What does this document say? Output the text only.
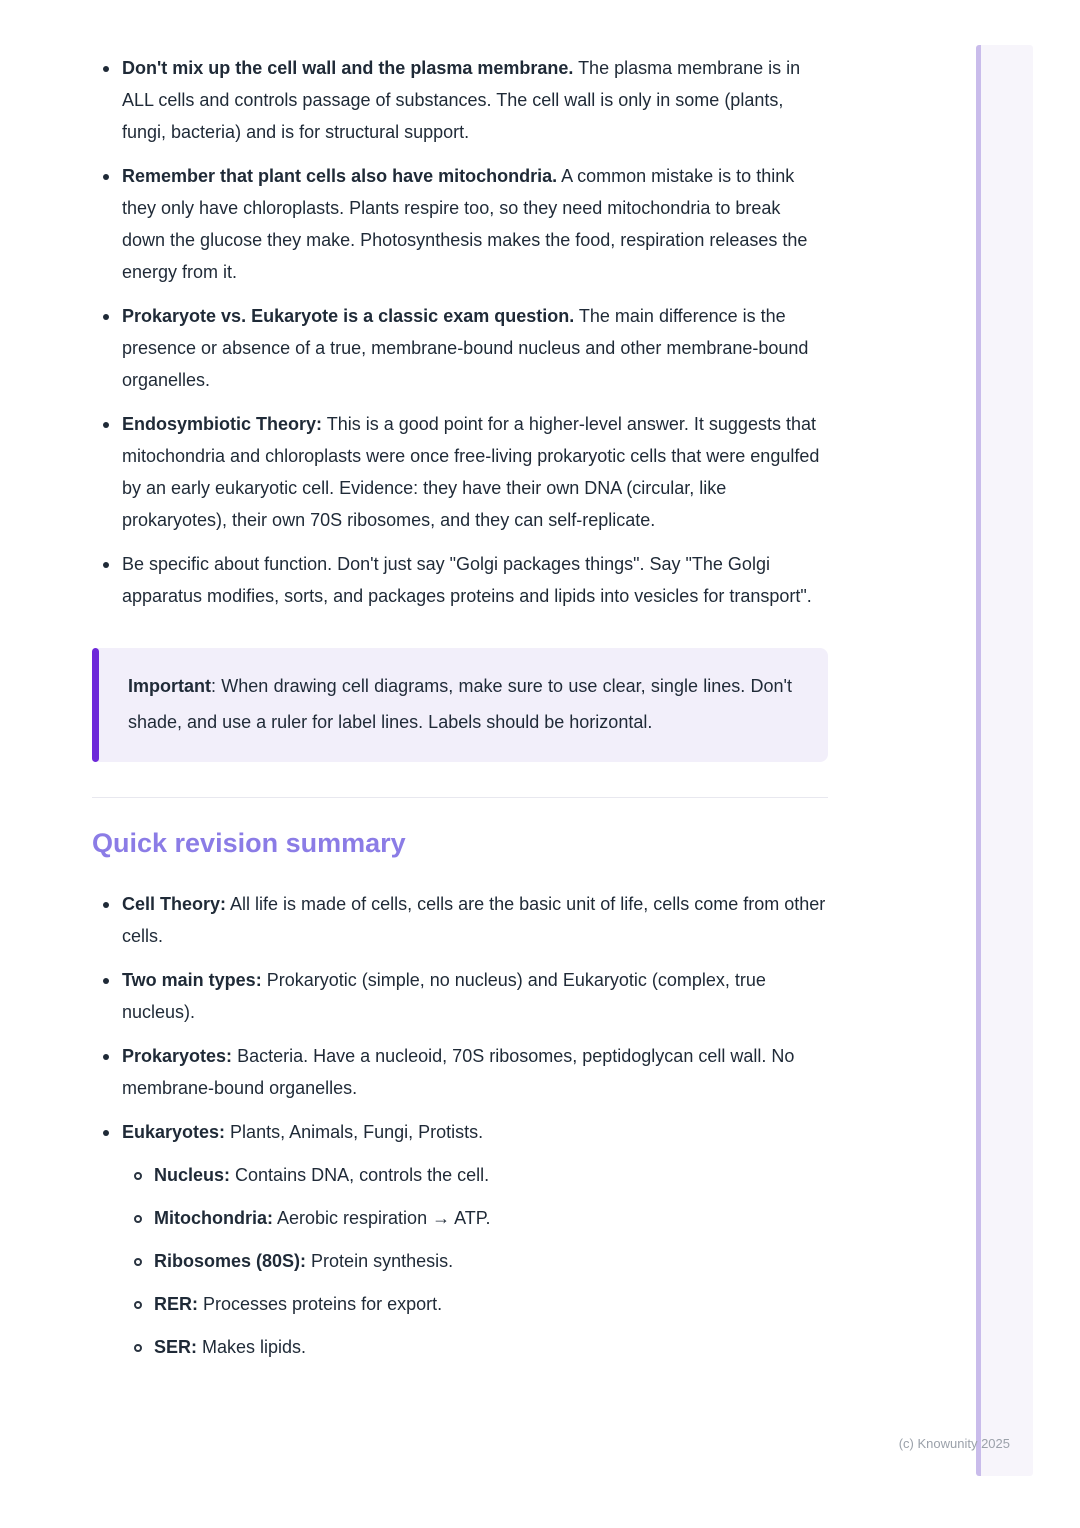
(c) Knowunity 2025
Don't mix up the cell wall and the plasma membrane. The plasma membrane is in ALL cells and controls passage of substances. The cell wall is only in some (plants, fungi, bacteria) and is for structural support.
Remember that plant cells also have mitochondria. A common mistake is to think they only have chloroplasts. Plants respire too, so they need mitochondria to break down the glucose they make. Photosynthesis makes the food, respiration releases the energy from it.
Prokaryote vs. Eukaryote is a classic exam question. The main difference is the presence or absence of a true, membrane-bound nucleus and other membrane-bound organelles.
Endosymbiotic Theory: This is a good point for a higher-level answer. It suggests that mitochondria and chloroplasts were once free-living prokaryotic cells that were engulfed by an early eukaryotic cell. Evidence: they have their own DNA (circular, like prokaryotes), their own 70S ribosomes, and they can self-replicate.
Be specific about function. Don't just say "Golgi packages things". Say "The Golgi apparatus modifies, sorts, and packages proteins and lipids into vesicles for transport".
Important: When drawing cell diagrams, make sure to use clear, single lines. Don't shade, and use a ruler for label lines. Labels should be horizontal.
Quick revision summary
Cell Theory: All life is made of cells, cells are the basic unit of life, cells come from other cells.
Two main types: Prokaryotic (simple, no nucleus) and Eukaryotic (complex, true nucleus).
Prokaryotes: Bacteria. Have a nucleoid, 70S ribosomes, peptidoglycan cell wall. No membrane-bound organelles.
Eukaryotes: Plants, Animals, Fungi, Protists.
Nucleus: Contains DNA, controls the cell.
Mitochondria: Aerobic respiration → ATP.
Ribosomes (80S): Protein synthesis.
RER: Processes proteins for export.
SER: Makes lipids.
